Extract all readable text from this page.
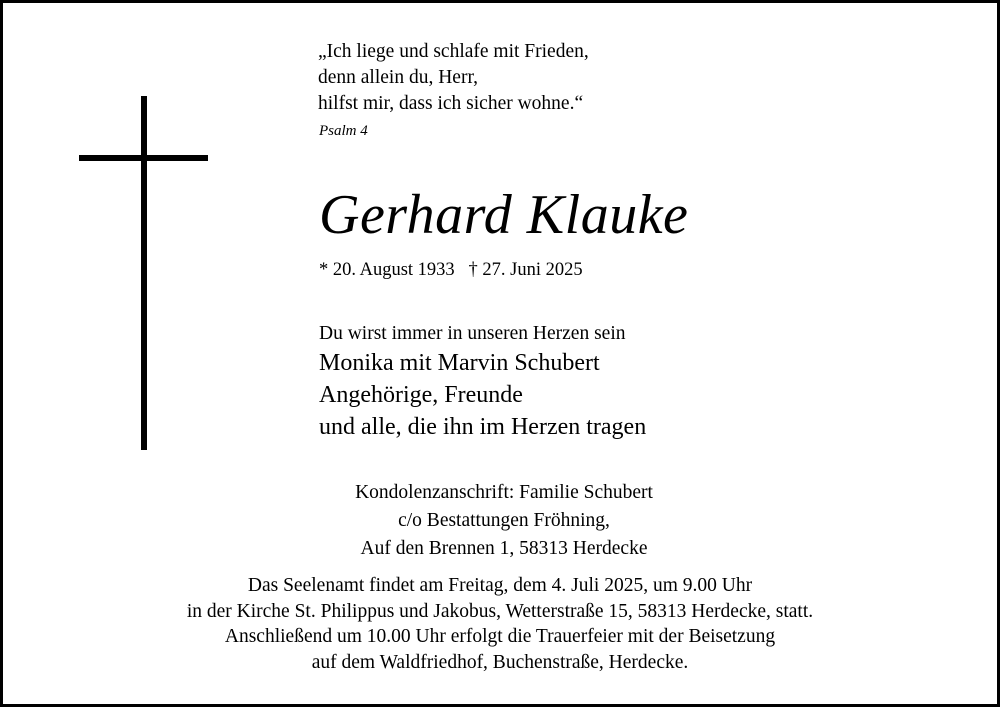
„Ich liege und schlafe mit Frieden,
denn allein du, Herr,
hilfst mir, dass ich sicher wohne.“
Psalm 4
Gerhard Klauke
* 20. August 1933   † 27. Juni 2025
Du wirst immer in unseren Herzen sein
Monika mit Marvin Schubert
Angehörige, Freunde
und alle, die ihn im Herzen tragen
Kondolenzanschrift: Familie Schubert
c/o Bestattungen Fröhning,
Auf den Brennen 1, 58313 Herdecke
Das Seelenamt findet am Freitag, dem 4. Juli 2025, um 9.00 Uhr
in der Kirche St. Philippus und Jakobus, Wetterstraße 15, 58313 Herdecke, statt.
Anschließend um 10.00 Uhr erfolgt die Trauerfeier mit der Beisetzung
auf dem Waldfriedhof, Buchenstraße, Herdecke.
